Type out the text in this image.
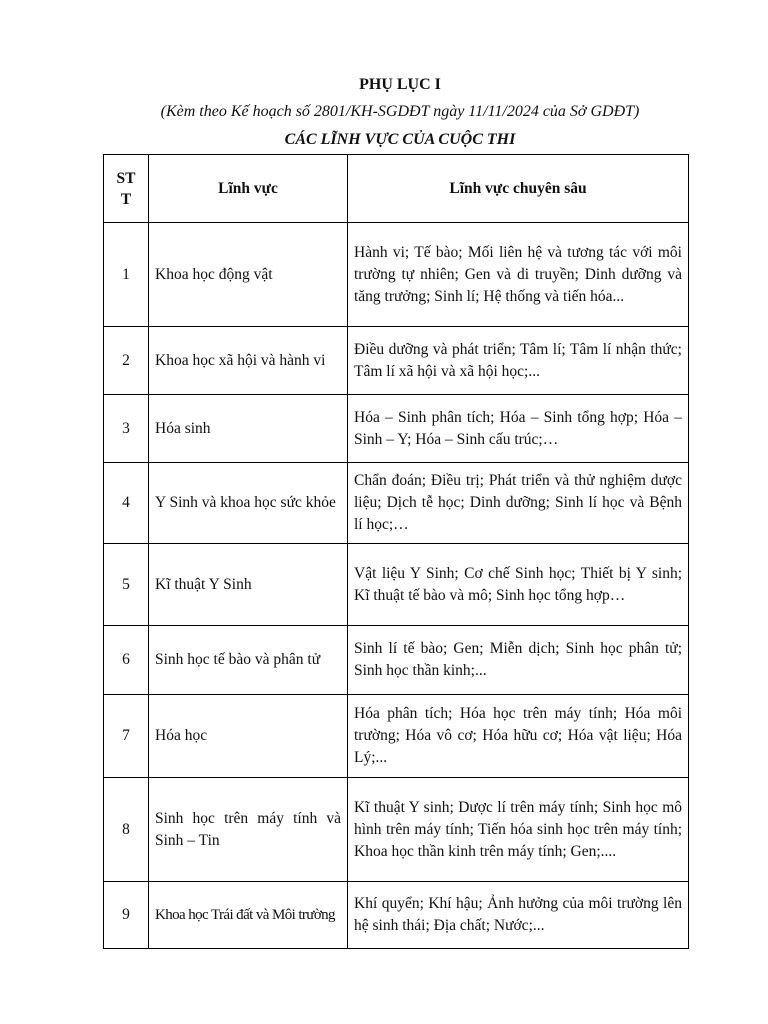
PHỤ LỤC I
(Kèm theo Kế hoạch số 2801/KH-SGDĐT ngày 11/11/2024 của Sở GDĐT)
CÁC LĨNH VỰC CỦA CUỘC THI
ST
T	Lĩnh vực	Lĩnh vực chuyên sâu
1	Khoa học động vật	Hành vi; Tế bào; Mối liên hệ và tương tác với môi trường tự nhiên; Gen và di truyền; Dinh dưỡng và tăng trưởng; Sinh lí; Hệ thống và tiến hóa...
2	Khoa học xã hội và hành vi	Điều dưỡng và phát triển; Tâm lí; Tâm lí nhận thức; Tâm lí xã hội và xã hội học;...
3	Hóa sinh	Hóa – Sinh phân tích; Hóa – Sinh tổng hợp; Hóa – Sinh – Y; Hóa – Sinh cấu trúc;…
4	Y Sinh và khoa học sức khỏe	Chẩn đoán; Điều trị; Phát triển và thử nghiệm dược liệu; Dịch tễ học; Dinh dưỡng; Sinh lí học và Bệnh lí học;…
5	Kĩ thuật Y Sinh	Vật liệu Y Sinh; Cơ chế Sinh học; Thiết bị Y sinh; Kĩ thuật tế bào và mô; Sinh học tổng hợp…
6	Sinh học tế bào và phân tử	Sinh lí tế bào; Gen; Miễn dịch; Sinh học phân tử; Sinh học thần kinh;...
7	Hóa học	Hóa phân tích; Hóa học trên máy tính; Hóa môi trường; Hóa vô cơ; Hóa hữu cơ; Hóa vật liệu; Hóa Lý;...
8	Sinh học trên máy tính và Sinh – Tin	Kĩ thuật Y sinh; Dược lí trên máy tính; Sinh học mô hình trên máy tính; Tiến hóa sinh học trên máy tính; Khoa học thần kinh trên máy tính; Gen;....
9	Khoa học Trái đất và Môi trường	Khí quyển; Khí hậu; Ảnh hưởng của môi trường lên hệ sinh thái; Địa chất; Nước;...
